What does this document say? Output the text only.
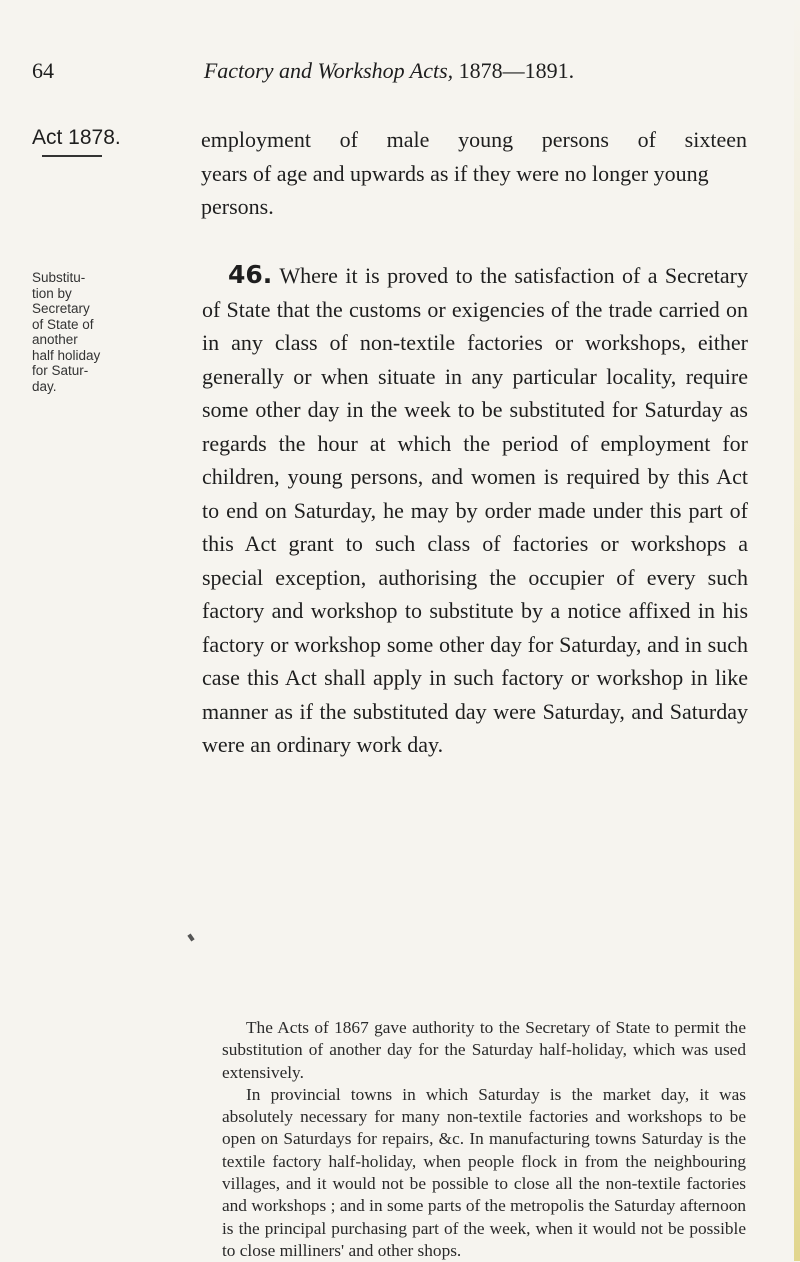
64	Factory and Workshop Acts, 1878—1891.
Act 1878.	employment of male young persons of sixteen
years of age and upwards as if they were no longer young persons.
Substitu-
tion by
Secretary
of State of
another
half holiday
for Satur-
day.
46. Where it is proved to the satisfaction of a Secretary of State that the customs or exigencies of the trade carried on in any class of non-textile factories or workshops, either generally or when situate in any particular locality, require some other day in the week to be substituted for Saturday as regards the hour at which the period of employment for children, young persons, and women is required by this Act to end on Saturday, he may by order made under this part of this Act grant to such class of factories or workshops a special exception, authorising the occupier of every such factory and workshop to substitute by a notice affixed in his factory or workshop some other day for Saturday, and in such case this Act shall apply in such factory or workshop in like manner as if the substituted day were Saturday, and Saturday were an ordinary work day.

The Acts of 1867 gave authority to the Secretary of State to permit the substitution of another day for the Saturday half-holiday, which was used extensively.

In provincial towns in which Saturday is the market day, it was absolutely necessary for many non-textile factories and workshops to be open on Saturdays for repairs, &c. In manufacturing towns Saturday is the textile factory half-holiday, when people flock in from the neighbouring villages, and it would not be possible to close all the non-textile factories and workshops ; and in some parts of the metropolis the Saturday afternoon is the principal purchasing part of the week, when it would not be possible to close milliners' and other shops.
